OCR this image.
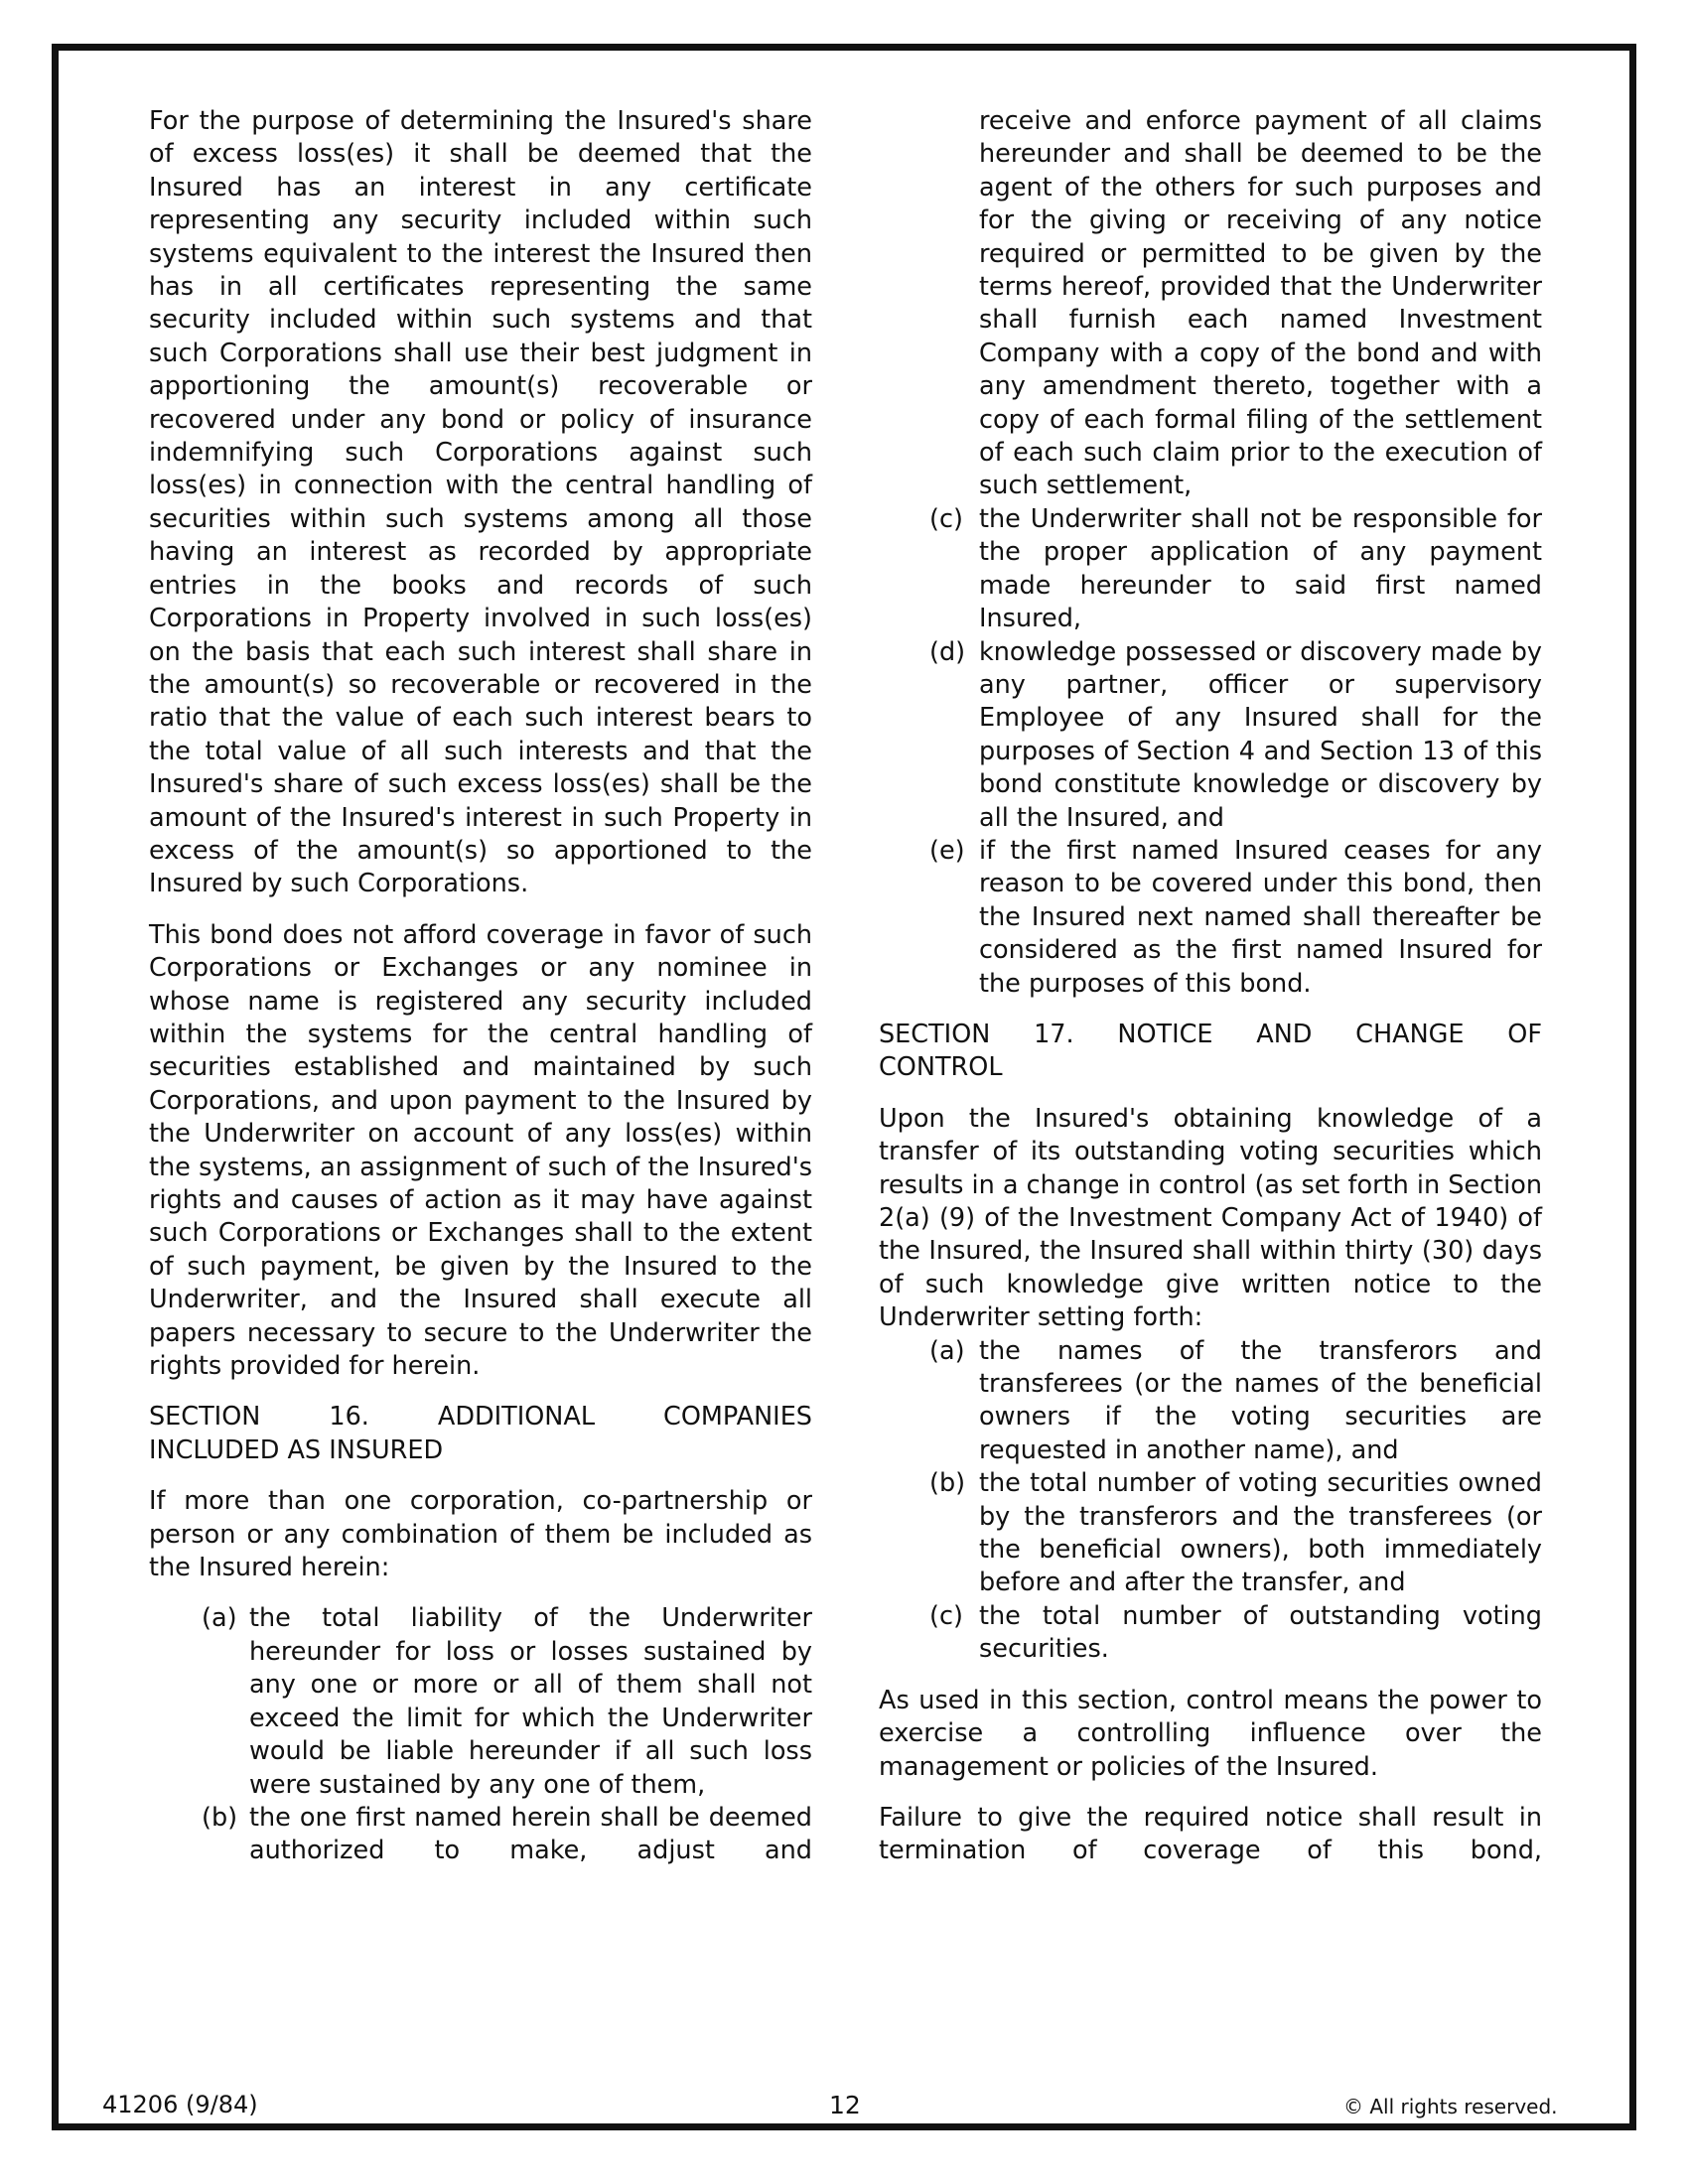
For the purpose of determining the Insured's share of excess loss(es) it shall be deemed that the Insured has an interest in any certificate representing any security included within such systems equivalent to the interest the Insured then has in all certificates representing the same security included within such systems and that such Corporations shall use their best judgment in apportioning the amount(s) recoverable or recovered under any bond or policy of insurance indemnifying such Corporations against such loss(es) in connection with the central handling of securities within such systems among all those having an interest as recorded by appropriate entries in the books and records of such Corporations in Property involved in such loss(es) on the basis that each such interest shall share in the amount(s) so recoverable or recovered in the ratio that the value of each such interest bears to the total value of all such interests and that the Insured's share of such excess loss(es) shall be the amount of the Insured's interest in such Property in excess of the amount(s) so apportioned to the Insured by such Corporations.

This bond does not afford coverage in favor of such Corporations or Exchanges or any nominee in whose name is registered any security included within the systems for the central handling of securities established and maintained by such Corporations, and upon payment to the Insured by the Underwriter on account of any loss(es) within the systems, an assignment of such of the Insured's rights and causes of action as it may have against such Corporations or Exchanges shall to the extent of such payment, be given by the Insured to the Underwriter, and the Insured shall execute all papers necessary to secure to the Underwriter the rights provided for herein.

SECTION 16. ADDITIONAL COMPANIES
INCLUDED AS INSURED

If more than one corporation, co-partnership or person or any combination of them be included as the Insured herein:

(a) the total liability of the Underwriter hereunder for loss or losses sustained by any one or more or all of them shall not exceed the limit for which the Underwriter would be liable hereunder if all such loss were sustained by any one of them,
(b) the one first named herein shall be deemed authorized to make, adjust and

receive and enforce payment of all claims hereunder and shall be deemed to be the agent of the others for such purposes and for the giving or receiving of any notice required or permitted to be given by the terms hereof, provided that the Underwriter shall furnish each named Investment Company with a copy of the bond and with any amendment thereto, together with a copy of each formal filing of the settlement of each such claim prior to the execution of such settlement,

(c) the Underwriter shall not be responsible for the proper application of any payment made hereunder to said first named Insured,
(d) knowledge possessed or discovery made by any partner, officer or supervisory Employee of any Insured shall for the purposes of Section 4 and Section 13 of this bond constitute knowledge or discovery by all the Insured, and
(e) if the first named Insured ceases for any reason to be covered under this bond, then the Insured next named shall thereafter be considered as the first named Insured for the purposes of this bond.
SECTION 17. NOTICE AND CHANGE OF
CONTROL

Upon the Insured's obtaining knowledge of a transfer of its outstanding voting securities which results in a change in control (as set forth in Section 2(a) (9) of the Investment Company Act of 1940) of the Insured, the Insured shall within thirty (30) days of such knowledge give written notice to the Underwriter setting forth:

(a) the names of the transferors and transferees (or the names of the beneficial owners if the voting securities are requested in another name), and
(b) the total number of voting securities owned by the transferors and the transferees (or the beneficial owners), both immediately before and after the transfer, and
(c) the total number of outstanding voting securities.

As used in this section, control means the power to exercise a controlling influence over the management or policies of the Insured.

Failure to give the required notice shall result in termination of coverage of this bond,

41206 (9/84)	12	© All rights reserved.
